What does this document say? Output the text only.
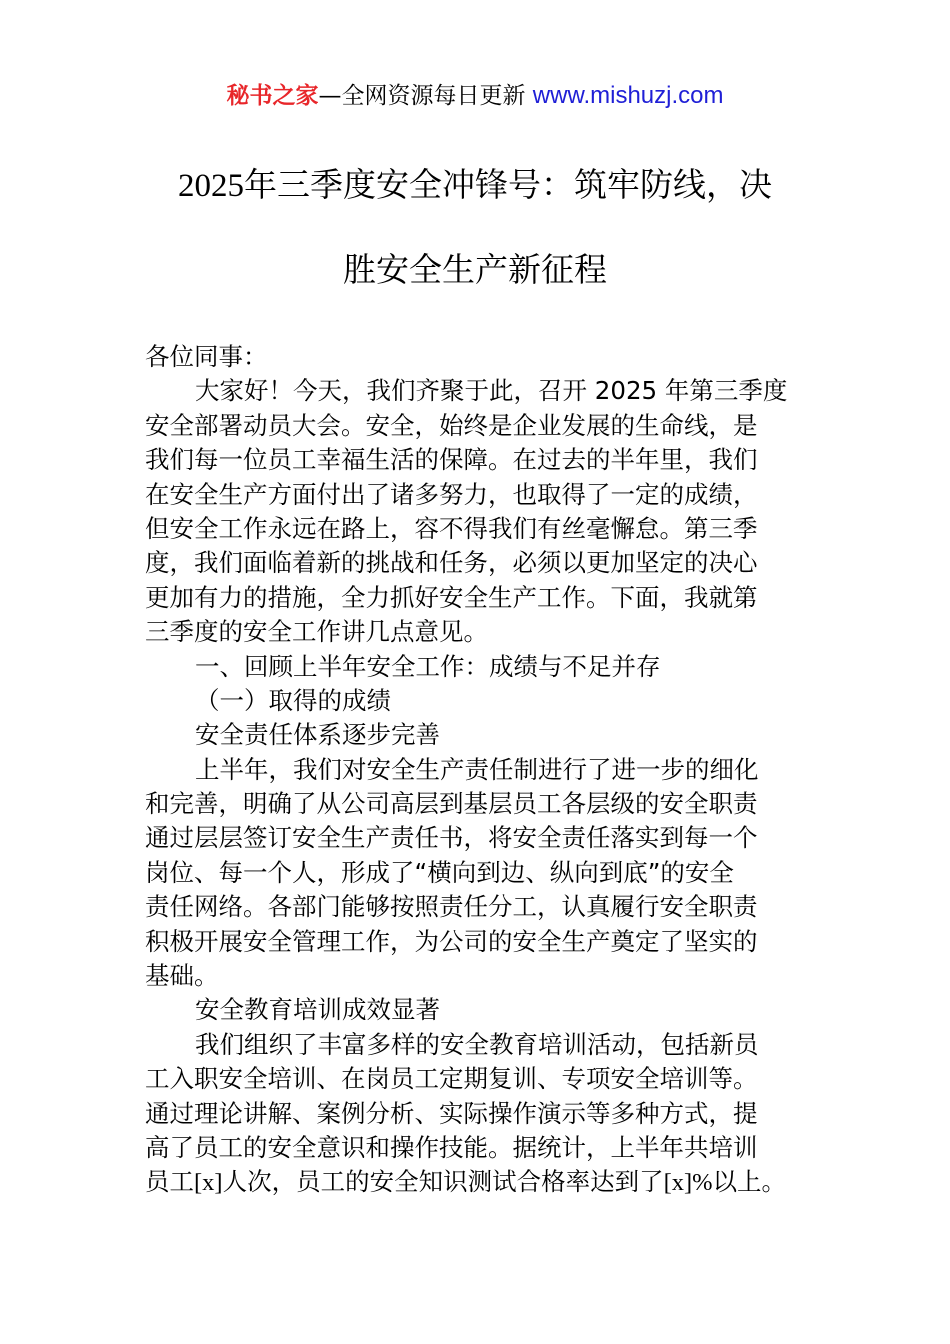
秘书之家—全网资源每日更新 www.mishuzj.com
2025年三季度安全冲锋号：筑牢防线，决
胜安全生产新征程
各位同事：
大家好！今天，我们齐聚于此，召开 2025 年第三季度
安全部署动员大会。安全，始终是企业发展的生命线，是
我们每一位员工幸福生活的保障。在过去的半年里，我们
在安全生产方面付出了诸多努力，也取得了一定的成绩，
但安全工作永远在路上，容不得我们有丝毫懈怠。第三季
度，我们面临着新的挑战和任务，必须以更加坚定的决心
更加有力的措施，全力抓好安全生产工作。下面，我就第
三季度的安全工作讲几点意见。
一、回顾上半年安全工作：成绩与不足并存
（一）取得的成绩
安全责任体系逐步完善
上半年，我们对安全生产责任制进行了进一步的细化
和完善，明确了从公司高层到基层员工各层级的安全职责
通过层层签订安全生产责任书，将安全责任落实到每一个
岗位、每一个人，形成了“横向到边、纵向到底”的安全
责任网络。各部门能够按照责任分工，认真履行安全职责
积极开展安全管理工作，为公司的安全生产奠定了坚实的
基础。
安全教育培训成效显著
我们组织了丰富多样的安全教育培训活动，包括新员
工入职安全培训、在岗员工定期复训、专项安全培训等。
通过理论讲解、案例分析、实际操作演示等多种方式，提
高了员工的安全意识和操作技能。据统计，上半年共培训
员工[x]人次，员工的安全知识测试合格率达到了[x]%以上。
